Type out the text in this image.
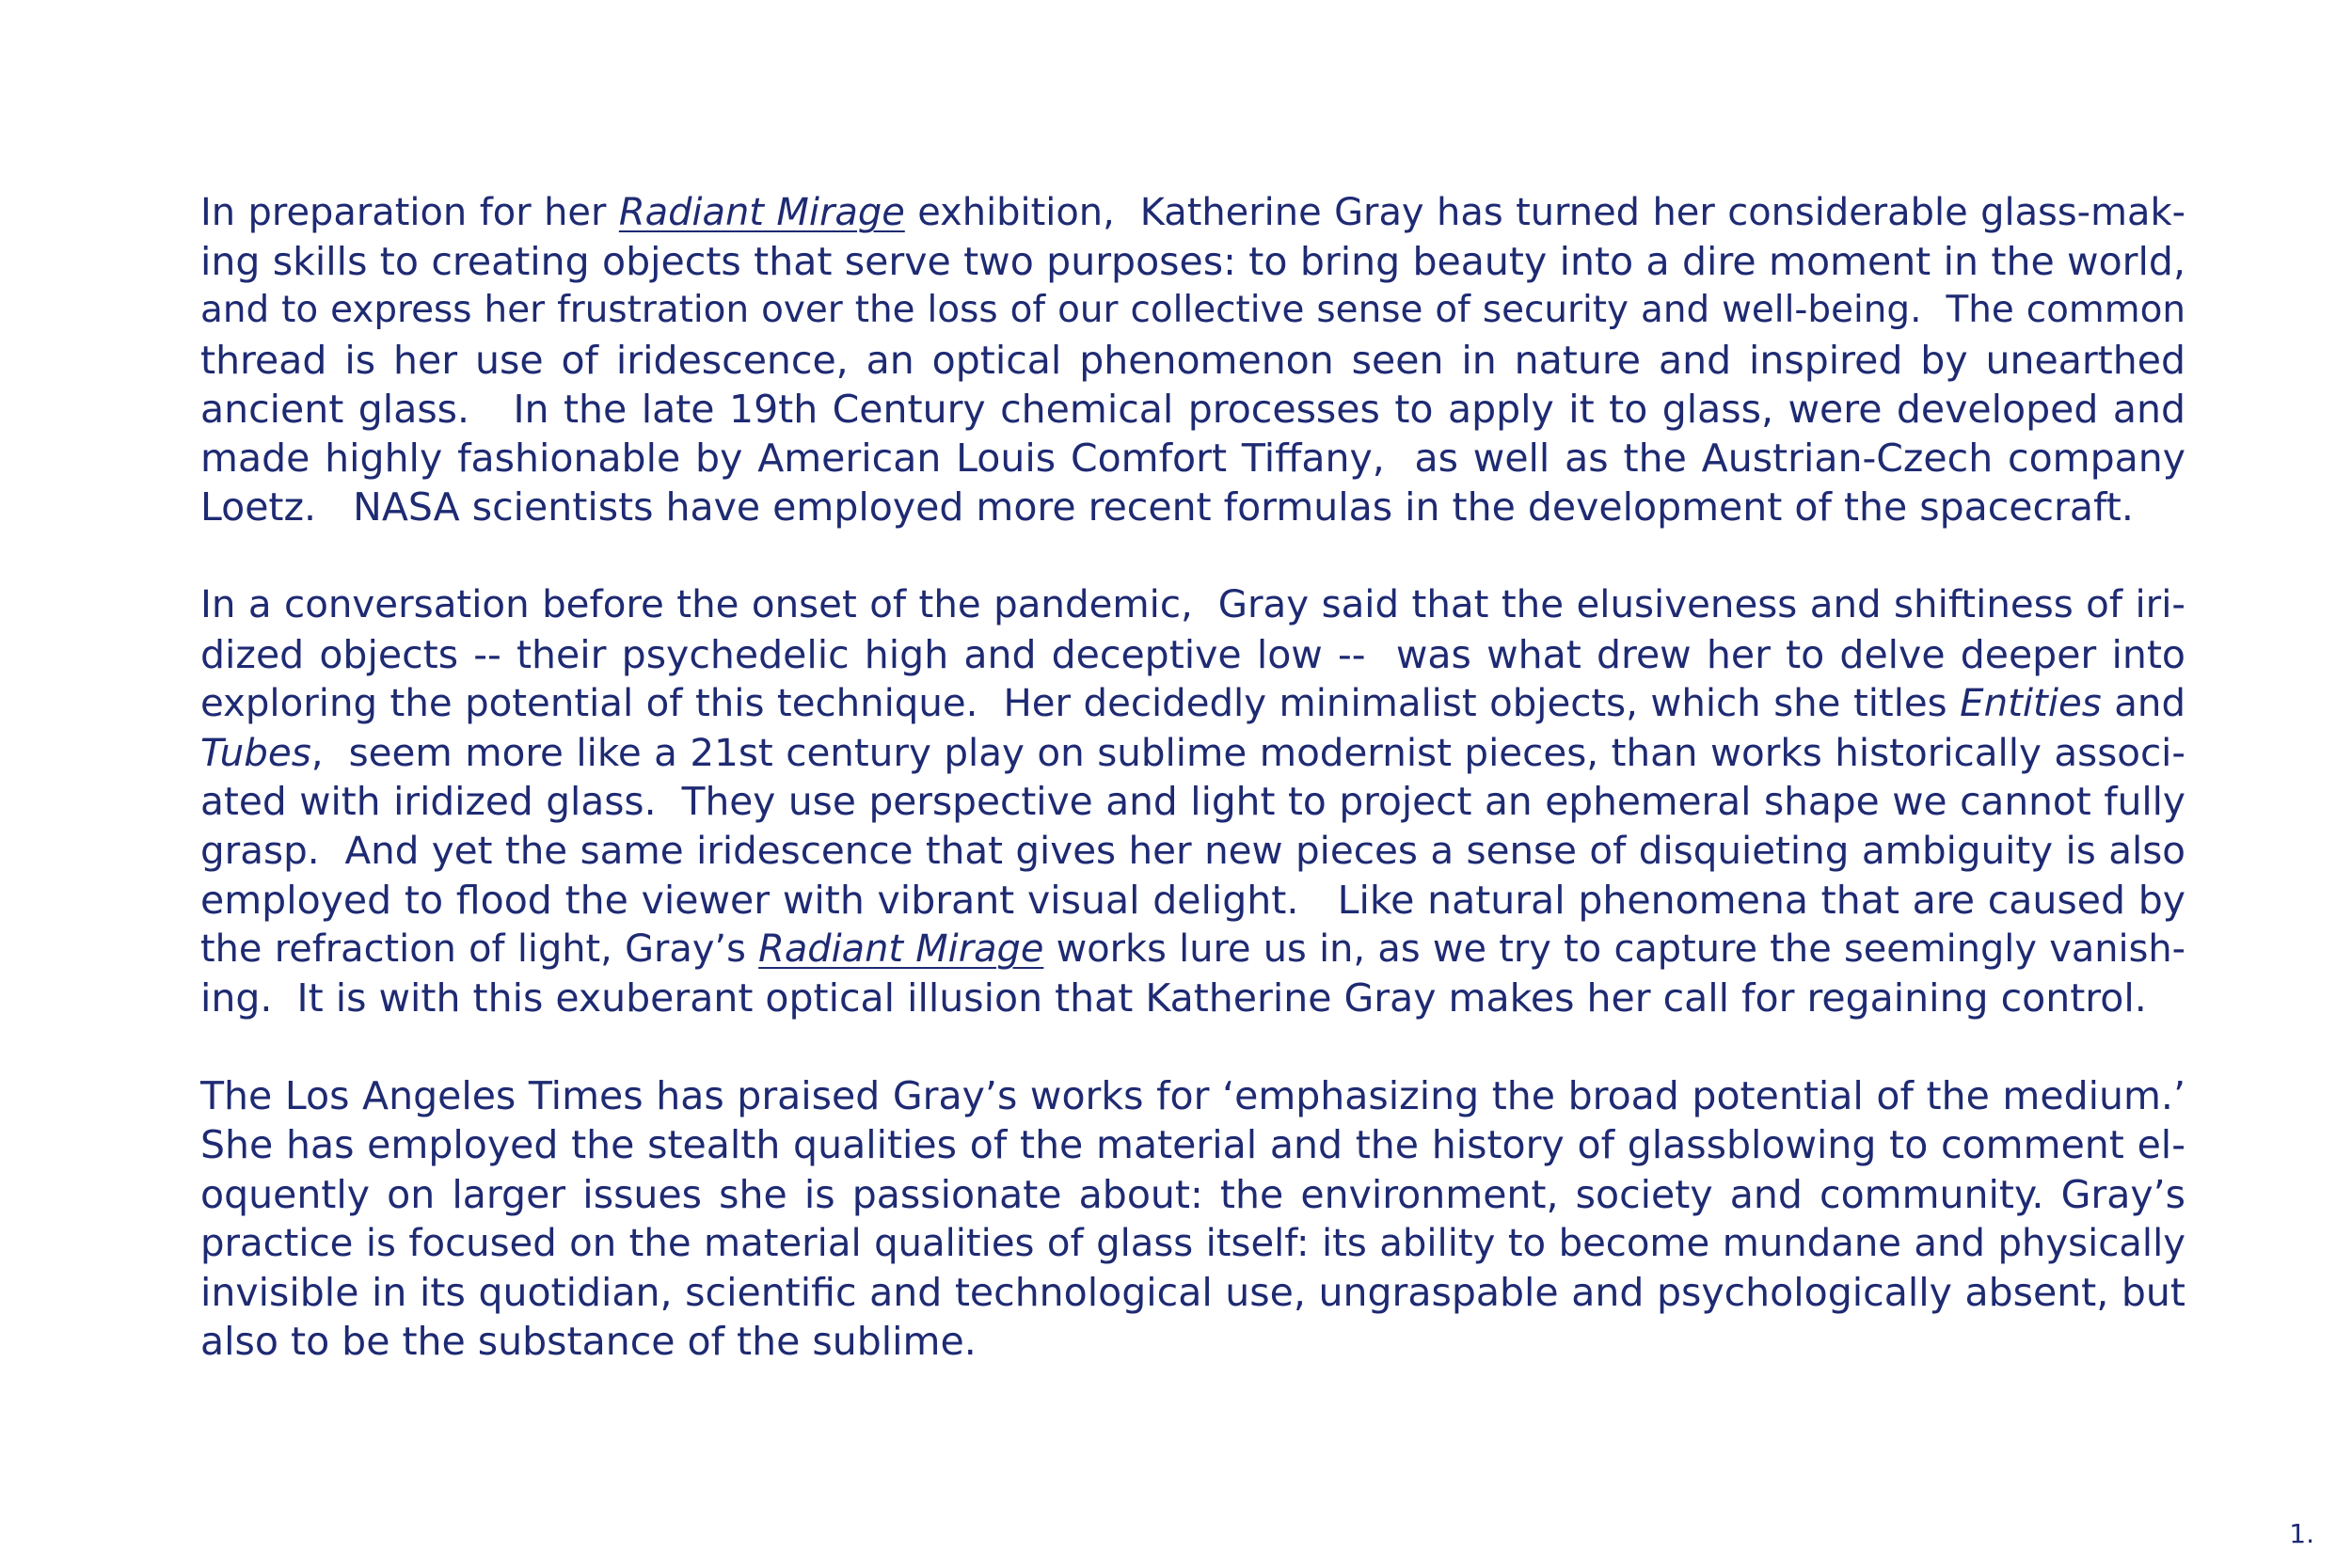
In preparation for her Radiant Mirage exhibition,  Katherine Gray has turned her considerable glass-mak-
ing skills to creating objects that serve two purposes: to bring beauty into a dire moment in the world,
and to express her frustration over the loss of our collective sense of security and well-being.  The common
thread is her use of iridescence, an optical phenomenon seen in nature and inspired by unearthed
ancient glass.   In the late 19th Century chemical processes to apply it to glass, were developed and
made highly fashionable by American Louis Comfort Tiffany,  as well as the Austrian-Czech company
Loetz.   NASA scientists have employed more recent formulas in the development of the spacecraft.
In a conversation before the onset of the pandemic,  Gray said that the elusiveness and shiftiness of iri-
dized objects -- their psychedelic high and deceptive low --  was what drew her to delve deeper into
exploring the potential of this technique.  Her decidedly minimalist objects, which she titles Entities and
Tubes,  seem more like a 21st century play on sublime modernist pieces, than works historically associ-
ated with iridized glass.  They use perspective and light to project an ephemeral shape we cannot fully
grasp.  And yet the same iridescence that gives her new pieces a sense of disquieting ambiguity is also
employed to flood the viewer with vibrant visual delight.   Like natural phenomena that are caused by
the refraction of light, Gray’s Radiant Mirage works lure us in, as we try to capture the seemingly vanish-
ing.  It is with this exuberant optical illusion that Katherine Gray makes her call for regaining control.
The Los Angeles Times has praised Gray’s works for ‘emphasizing the broad potential of the medium.’
She has employed the stealth qualities of the material and the history of glassblowing to comment el-
oquently on larger issues she is passionate about: the environment, society and community. Gray’s
practice is focused on the material qualities of glass itself: its ability to become mundane and physically
invisible in its quotidian, scientific and technological use, ungraspable and psychologically absent, but
also to be the substance of the sublime.
1.
